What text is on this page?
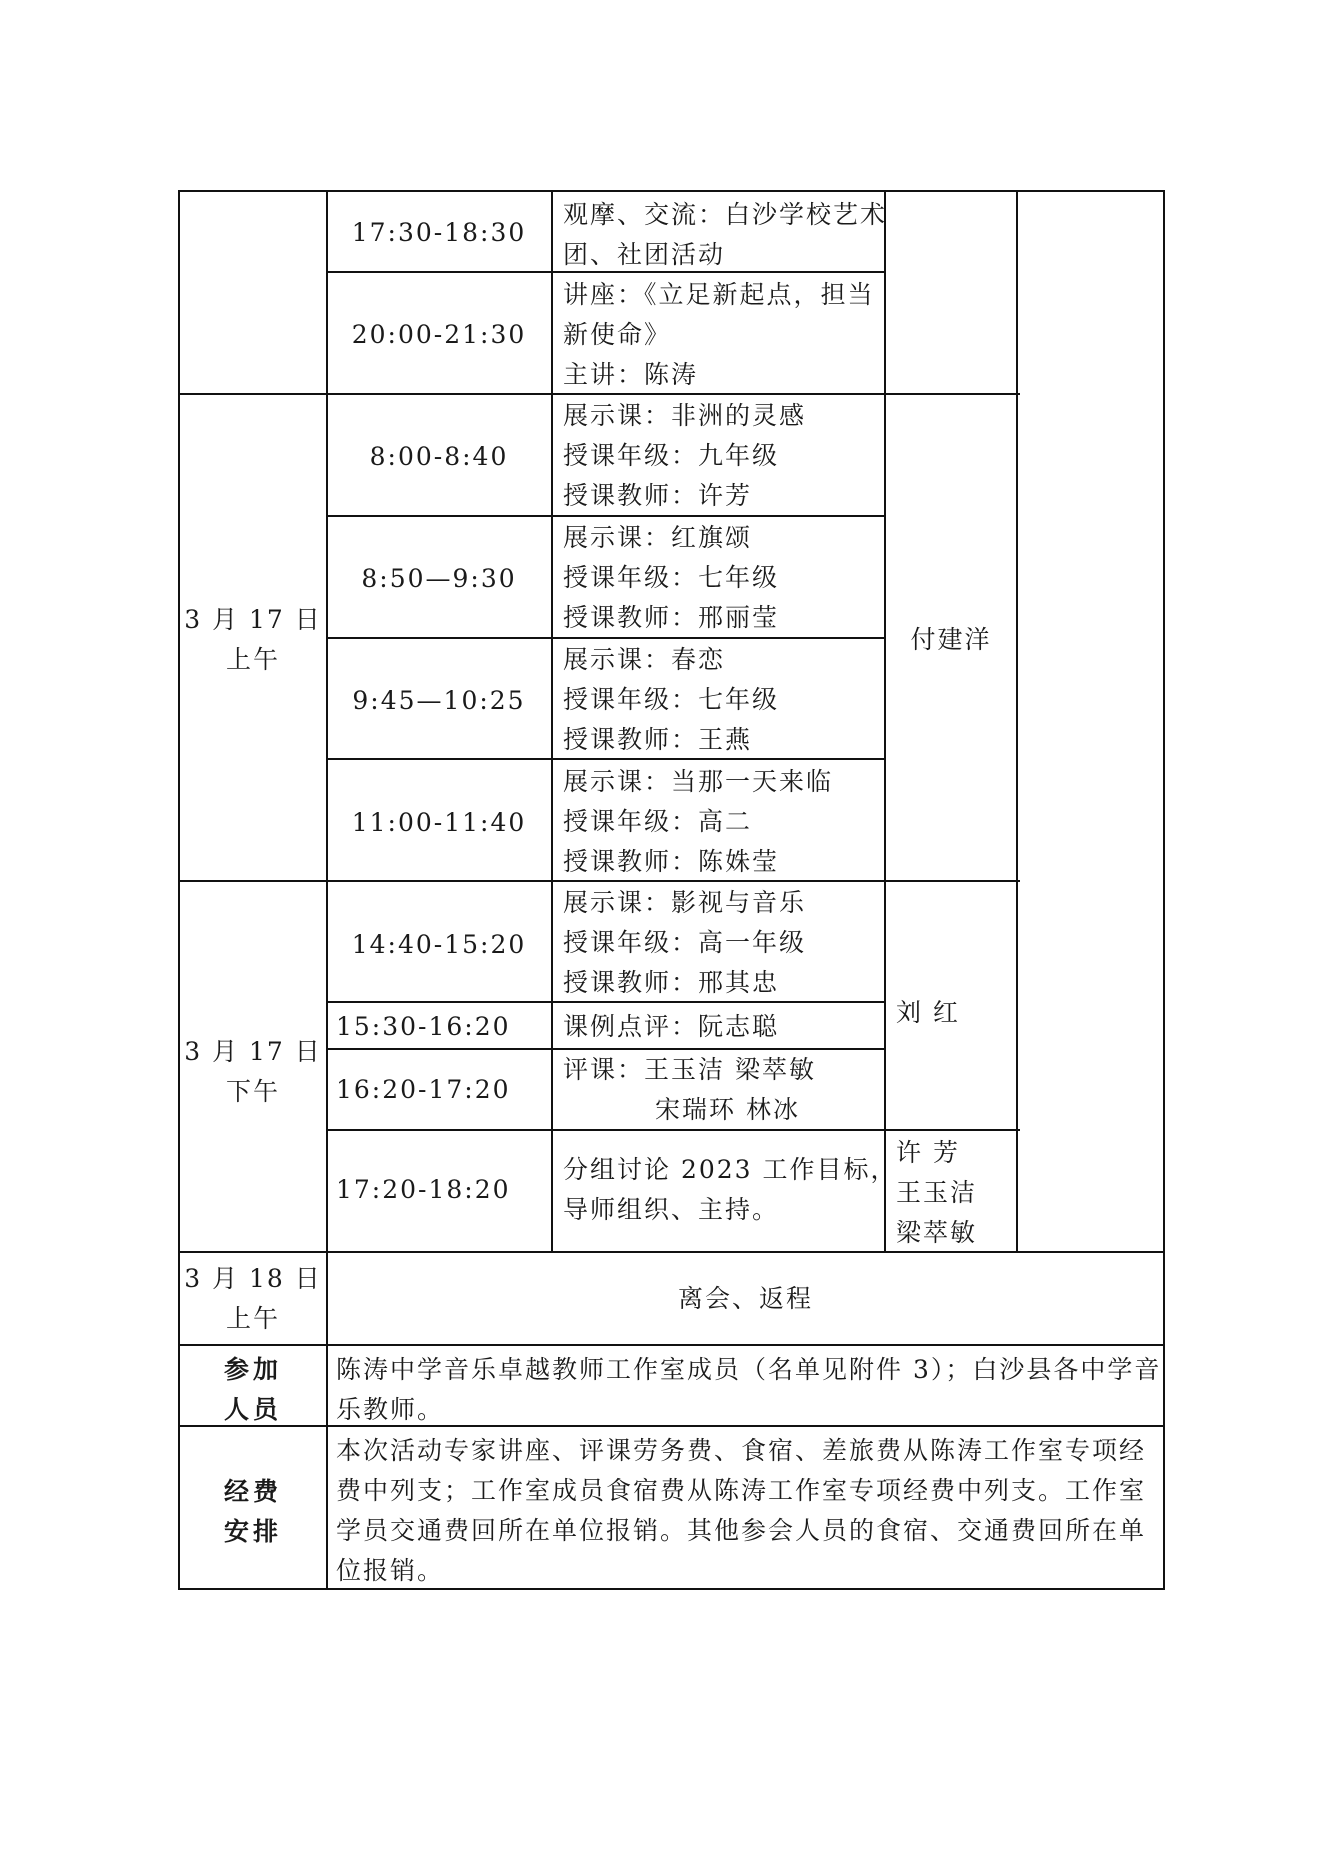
17:30-18:30
观摩、交流：白沙学校艺术
团、社团活动
20:00-21:30
讲座：《立足新起点，担当
新使命》
主讲：陈涛
3 月 17 日
上午
付建洋
8:00-8:40
展示课：非洲的灵感
授课年级：九年级
授课教师：许芳
8:50—9:30
展示课：红旗颂
授课年级：七年级
授课教师：邢丽莹
9:45—10:25
展示课：春恋
授课年级：七年级
授课教师：王燕
11:00-11:40
展示课：当那一天来临
授课年级：高二
授课教师：陈姝莹
3 月 17 日
下午
刘 红
14:40-15:20
展示课：影视与音乐
授课年级：高一年级
授课教师：邢其忠
15:30-16:20 课例点评：阮志聪
16:20-17:20
评课：王玉洁 梁萃敏
宋瑞环 林冰
17:20-18:20
分组讨论 2023 工作目标，
导师组织、主持。
许 芳
王玉洁
梁萃敏
3 月 18 日
上午
离会、返程
参加
人员
陈涛中学音乐卓越教师工作室成员（名单见附件 3）；白沙县各中学音
乐教师。
经费
安排
本次活动专家讲座、评课劳务费、食宿、差旅费从陈涛工作室专项经
费中列支；工作室成员食宿费从陈涛工作室专项经费中列支。工作室
学员交通费回所在单位报销。其他参会人员的食宿、交通费回所在单
位报销。
